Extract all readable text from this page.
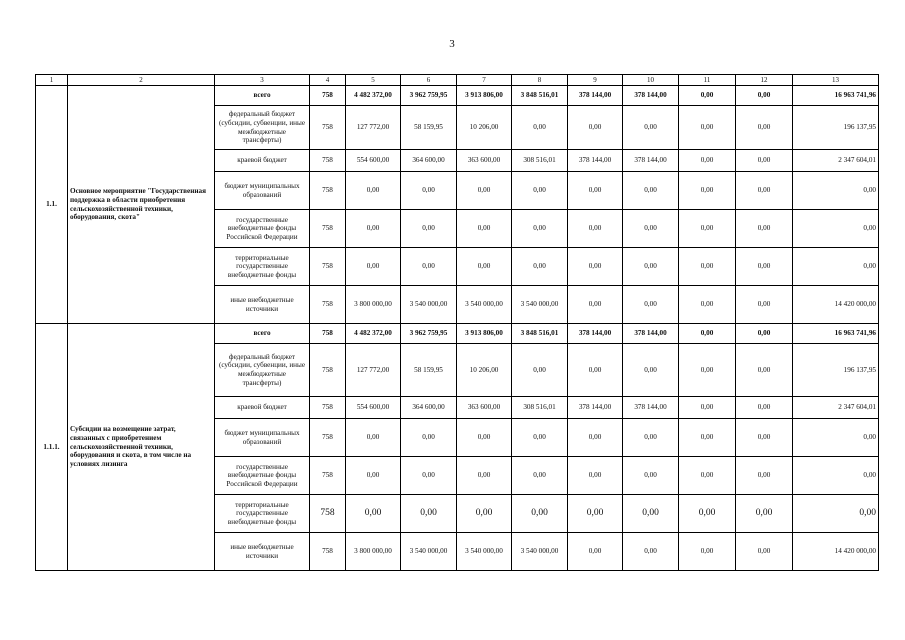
3
1	2	3	4	5	6	7	8	9	10	11	12	13
1.1.	Основное мероприятие "Государственная поддержка в области приобретения сельскохозяйственной техники, оборудования, скота"	всего	758	4 482 372,00	3 962 759,95	3 913 806,00	3 848 516,01	378 144,00	378 144,00	0,00	0,00	16 963 741,96
		федеральный бюджет (субсидии, субвенции, иные межбюджетные трансферты)	758	127 772,00	58 159,95	10 206,00	0,00	0,00	0,00	0,00	0,00	196 137,95
		краевой бюджет	758	554 600,00	364 600,00	363 600,00	308 516,01	378 144,00	378 144,00	0,00	0,00	2 347 604,01
		бюджет муниципальных образований	758	0,00	0,00	0,00	0,00	0,00	0,00	0,00	0,00	0,00
		государственные внебюджетные фонды Российской Федерации	758	0,00	0,00	0,00	0,00	0,00	0,00	0,00	0,00	0,00
		территориальные государственные внебюджетные фонды	758	0,00	0,00	0,00	0,00	0,00	0,00	0,00	0,00	0,00
		иные внебюджетные источники	758	3 800 000,00	3 540 000,00	3 540 000,00	3 540 000,00	0,00	0,00	0,00	0,00	14 420 000,00
1.1.1.	Субсидии на возмещение затрат, связанных с приобретением сельскохозяйственной техники, оборудования и скота, в том числе на условиях лизинга	всего	758	4 482 372,00	3 962 759,95	3 913 806,00	3 848 516,01	378 144,00	378 144,00	0,00	0,00	16 963 741,96
		федеральный бюджет (субсидии, субвенции, иные межбюджетные трансферты)	758	127 772,00	58 159,95	10 206,00	0,00	0,00	0,00	0,00	0,00	196 137,95
		краевой бюджет	758	554 600,00	364 600,00	363 600,00	308 516,01	378 144,00	378 144,00	0,00	0,00	2 347 604,01
		бюджет муниципальных образований	758	0,00	0,00	0,00	0,00	0,00	0,00	0,00	0,00	0,00
		государственные внебюджетные фонды Российской Федерации	758	0,00	0,00	0,00	0,00	0,00	0,00	0,00	0,00	0,00
		территориальные государственные внебюджетные фонды	758	0,00	0,00	0,00	0,00	0,00	0,00	0,00	0,00	0,00
		иные внебюджетные источники	758	3 800 000,00	3 540 000,00	3 540 000,00	3 540 000,00	0,00	0,00	0,00	0,00	14 420 000,00
